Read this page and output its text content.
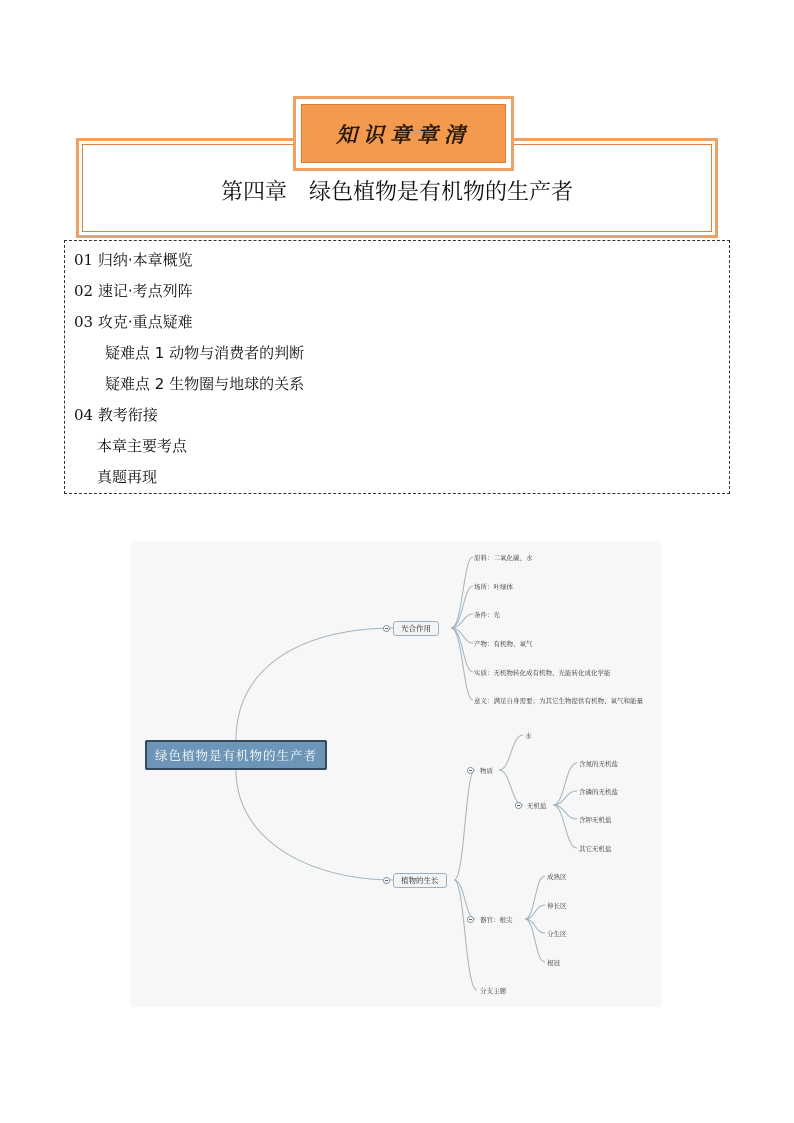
知识章章清
第四章　绿色植物是有机物的生产者
01 归纳·本章概览
02 速记·考点列阵
03 攻克·重点疑难
疑难点 1 动物与消费者的判断
疑难点 2 生物圈与地球的关系
04 教考衔接
本章主要考点
真题再现
绿色植物是有机物的生产者
光合作用
原料：二氧化碳、水
场所：叶绿体
条件：光
产物：有机物、氧气
实质：无机物转化成有机物、光能转化成化学能
意义：满足自身需要；为其它生物提供有机物、氧气和能量
植物的生长
物质
水
无机盐
含氮的无机盐
含磷的无机盐
含钾无机盐
其它无机盐
器官：根尖
成熟区
伸长区
分生区
根冠
分支主题
